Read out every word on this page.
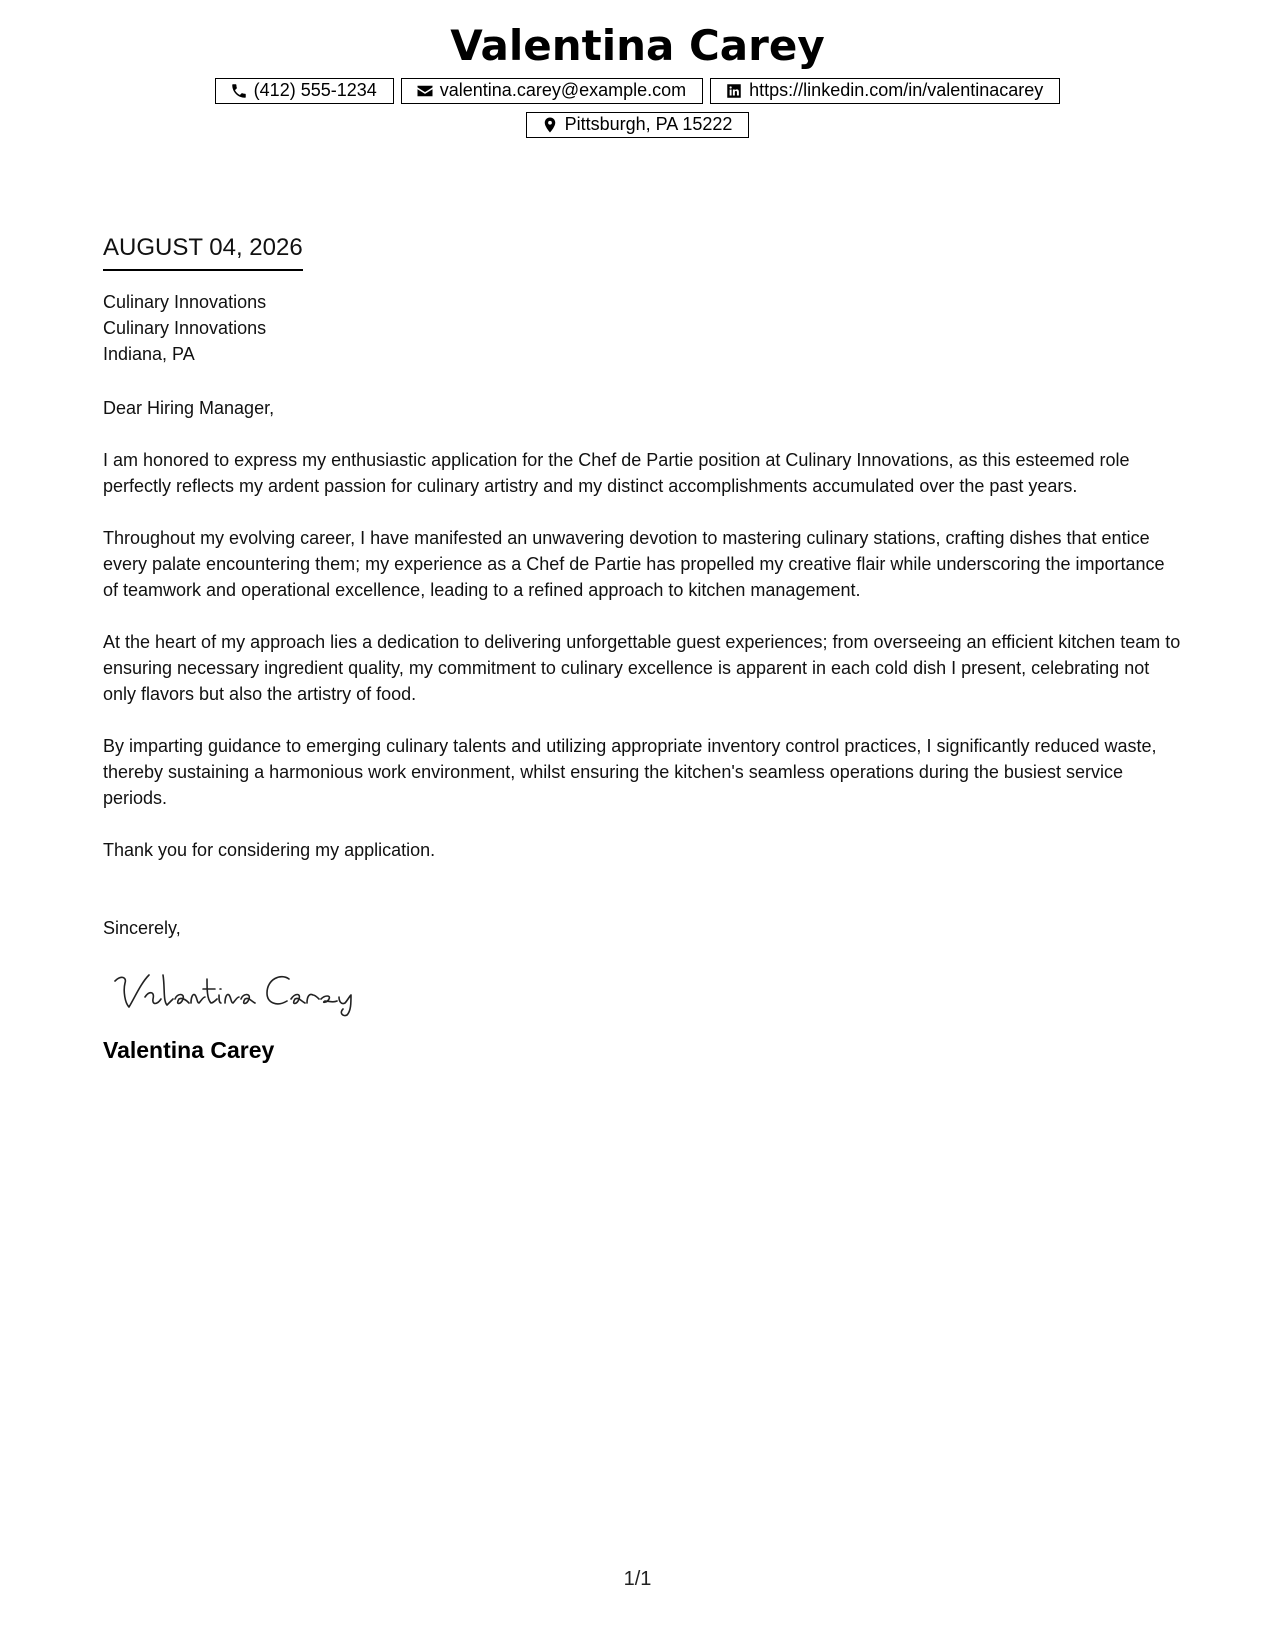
Valentina Carey
(412) 555-1234	valentina.carey@example.com	https://linkedin.com/in/valentinacarey
Pittsburgh, PA 15222
AUGUST 04, 2026
Culinary Innovations
Culinary Innovations
Indiana, PA
Dear Hiring Manager,
I am honored to express my enthusiastic application for the Chef de Partie position at Culinary Innovations, as this esteemed role perfectly reflects my ardent passion for culinary artistry and my distinct accomplishments accumulated over the past years.
Throughout my evolving career, I have manifested an unwavering devotion to mastering culinary stations, crafting dishes that entice every palate encountering them; my experience as a Chef de Partie has propelled my creative flair while underscoring the importance of teamwork and operational excellence, leading to a refined approach to kitchen management.
At the heart of my approach lies a dedication to delivering unforgettable guest experiences; from overseeing an efficient kitchen team to ensuring necessary ingredient quality, my commitment to culinary excellence is apparent in each cold dish I present, celebrating not only flavors but also the artistry of food.
By imparting guidance to emerging culinary talents and utilizing appropriate inventory control practices, I significantly reduced waste, thereby sustaining a harmonious work environment, whilst ensuring the kitchen's seamless operations during the busiest service periods.
Thank you for considering my application.
Sincerely,
Valentina Carey
1/1
